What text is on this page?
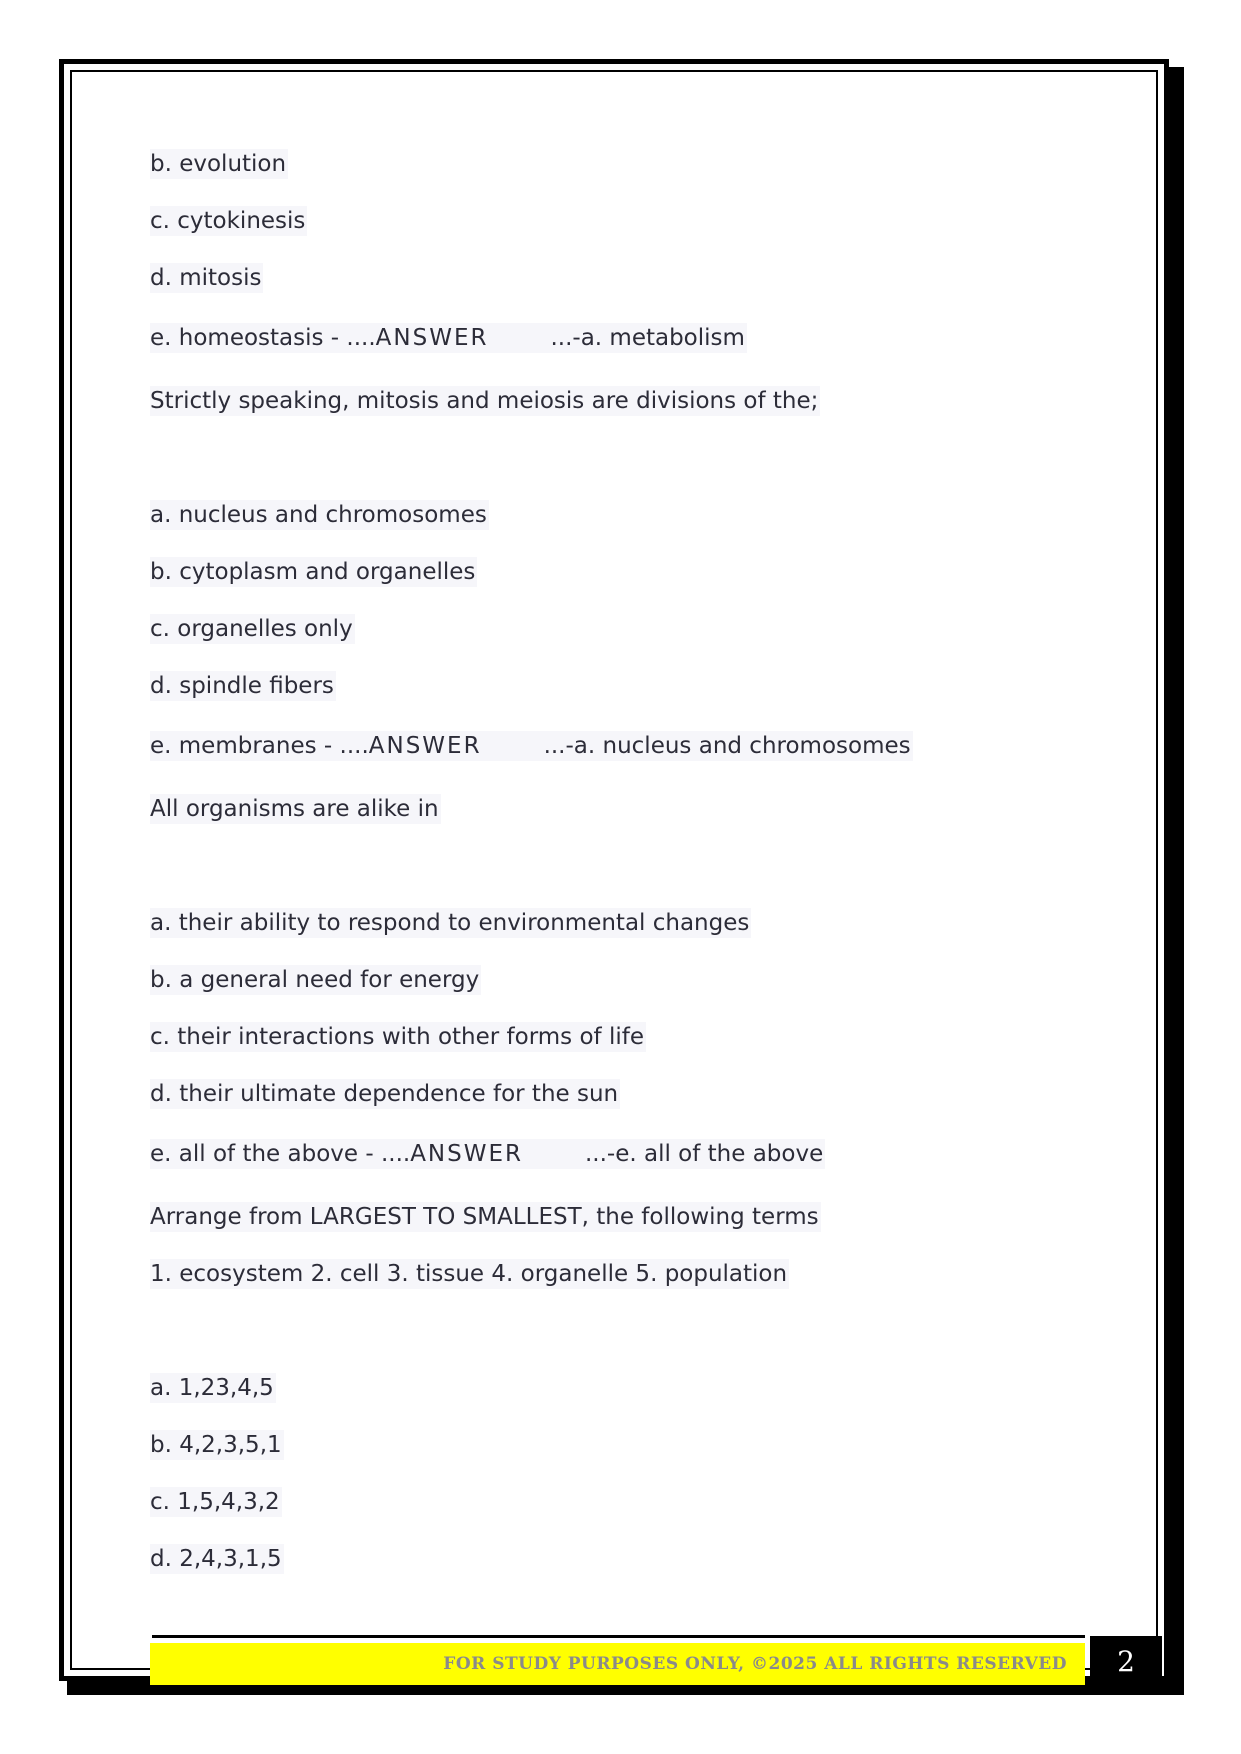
b. evolution
c. cytokinesis
d. mitosis
e. homeostasis - ....ANSWER	...-a. metabolism
Strictly speaking, mitosis and meiosis are divisions of the;
a. nucleus and chromosomes
b. cytoplasm and organelles
c. organelles only
d. spindle fibers
e. membranes - ....ANSWER	...-a. nucleus and chromosomes
All organisms are alike in
a. their ability to respond to environmental changes
b. a general need for energy
c. their interactions with other forms of life
d. their ultimate dependence for the sun
e. all of the above - ....ANSWER	...-e. all of the above
Arrange from LARGEST TO SMALLEST, the following terms
1. ecosystem 2. cell 3. tissue 4. organelle 5. population
a. 1,23,4,5
b. 4,2,3,5,1
c. 1,5,4,3,2
d. 2,4,3,1,5
FOR STUDY PURPOSES ONLY, ©2025 ALL RIGHTS RESERVED	2
